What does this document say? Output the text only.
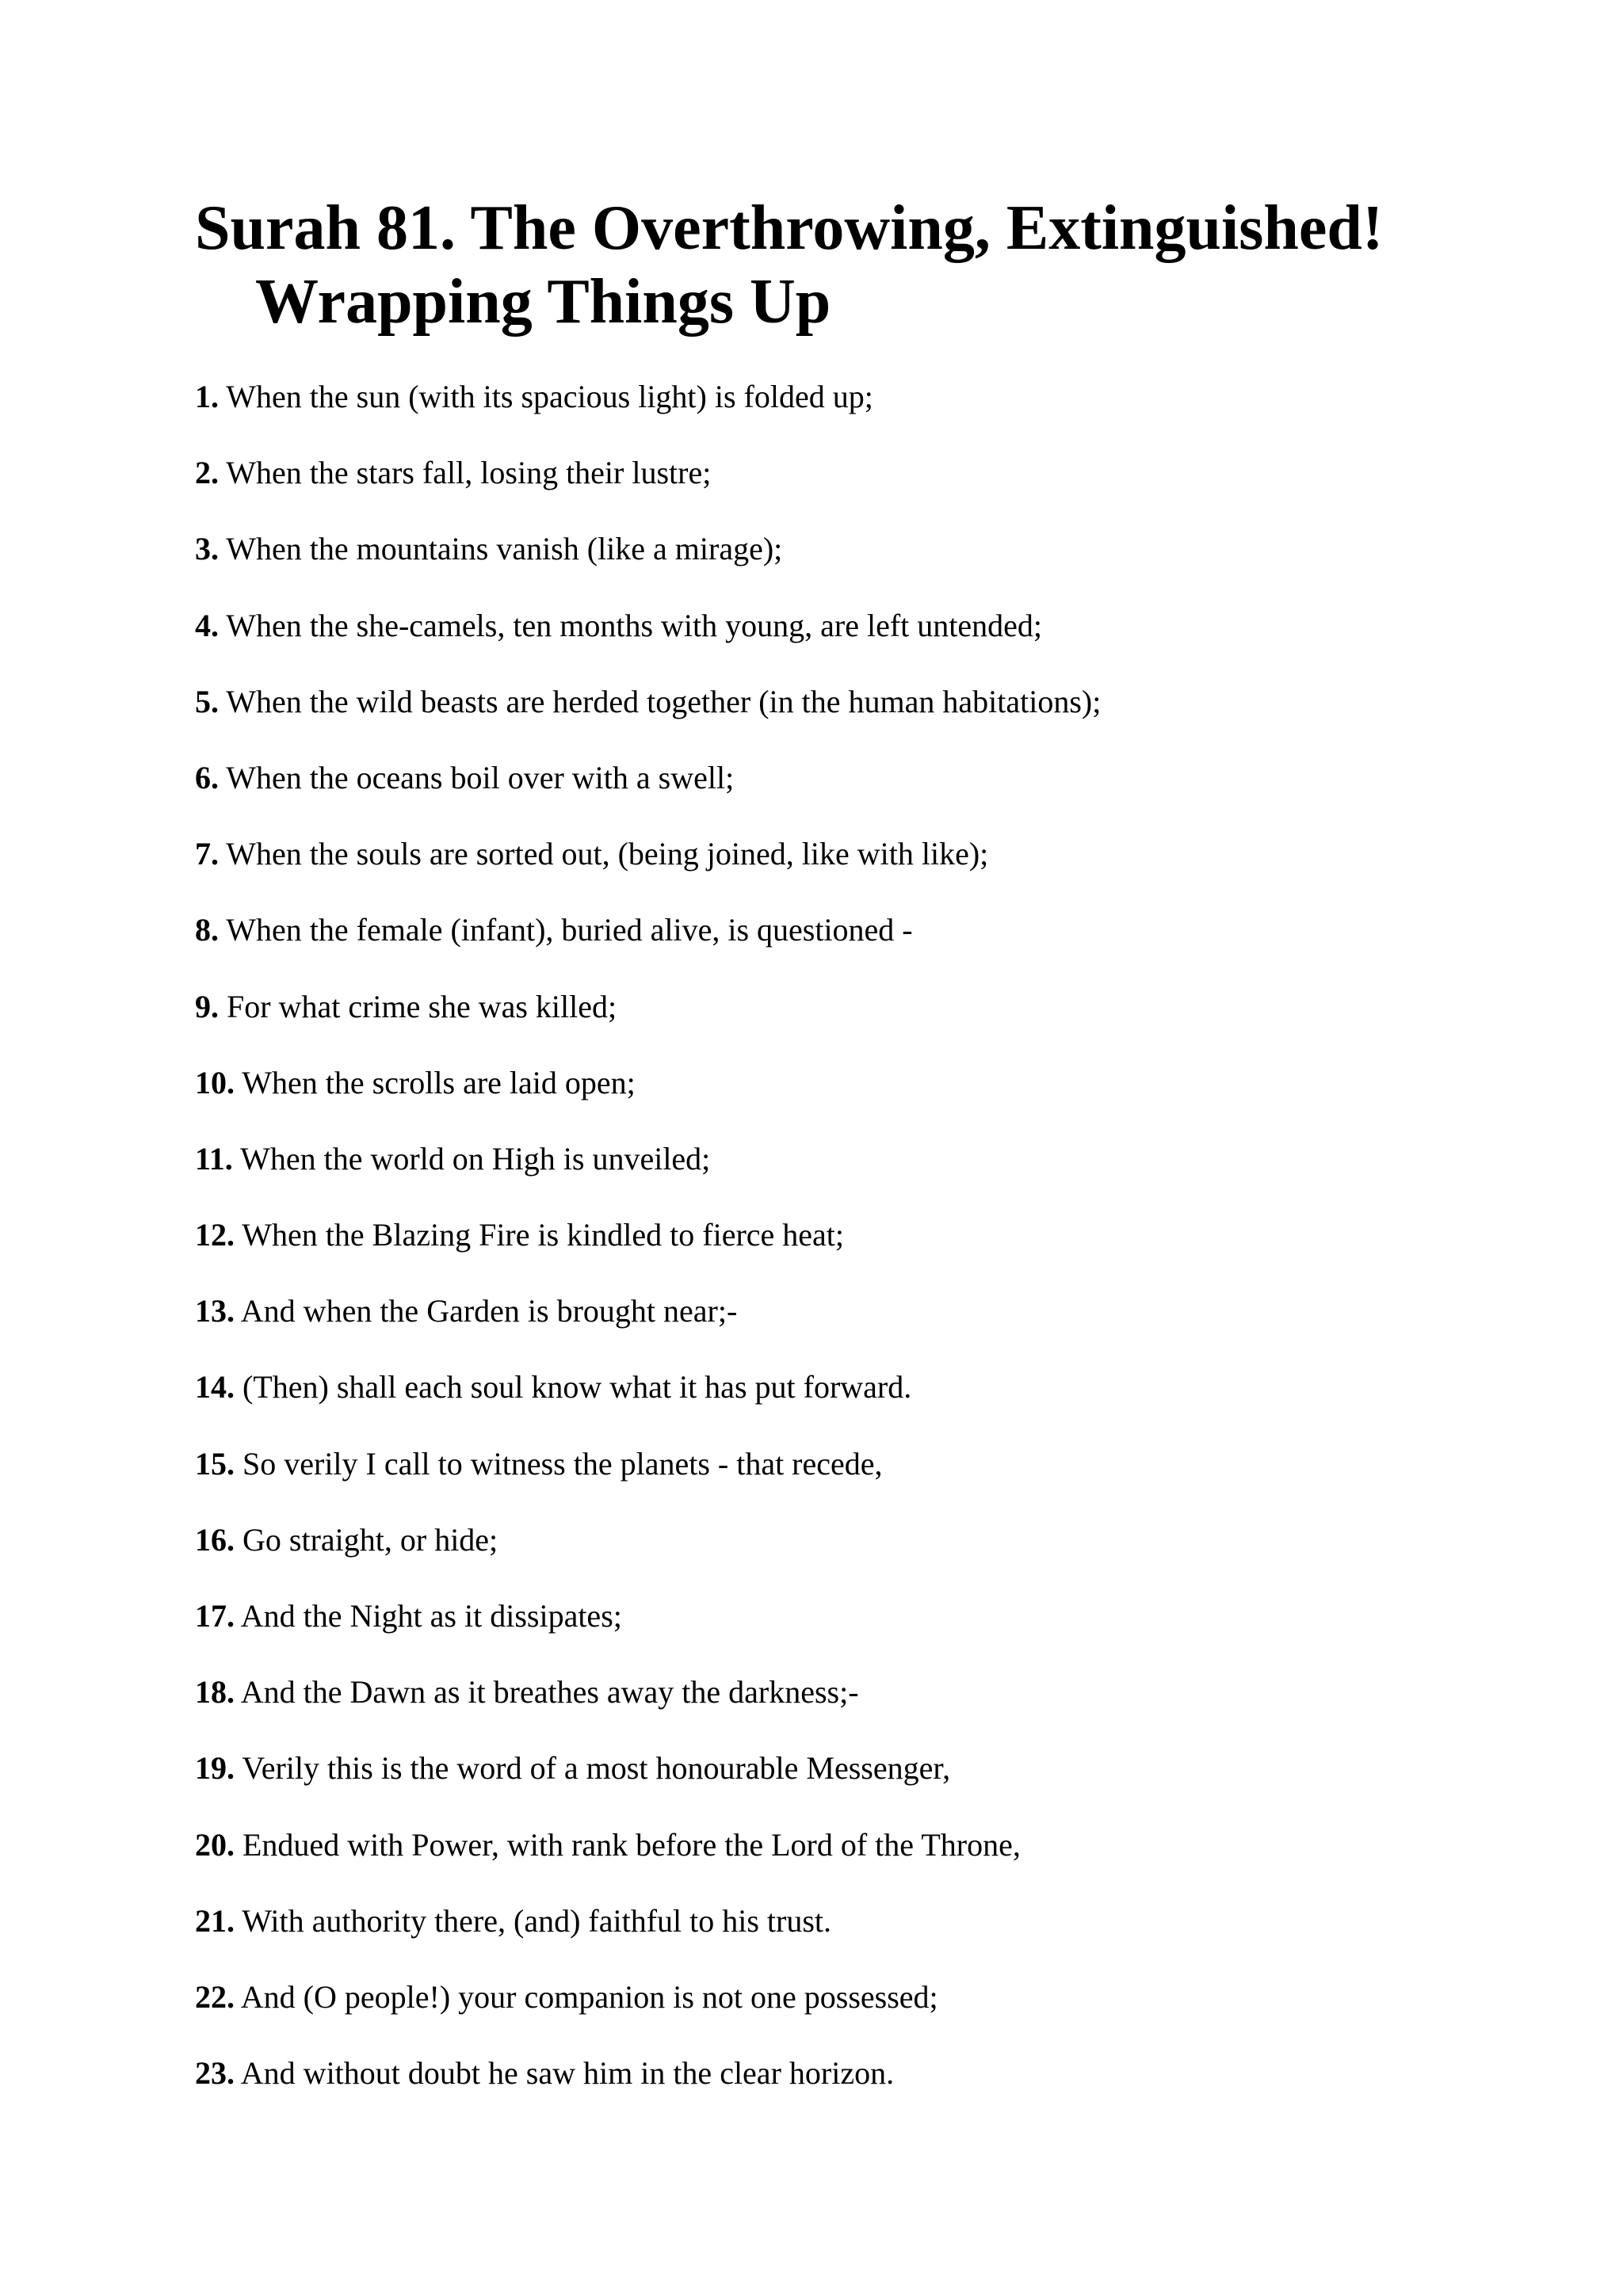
Surah 81. The Overthrowing, Extinguished! Wrapping Things Up
1. When the sun (with its spacious light) is folded up;
2. When the stars fall, losing their lustre;
3. When the mountains vanish (like a mirage);
4. When the she-camels, ten months with young, are left untended;
5. When the wild beasts are herded together (in the human habitations);
6. When the oceans boil over with a swell;
7. When the souls are sorted out, (being joined, like with like);
8. When the female (infant), buried alive, is questioned -
9. For what crime she was killed;
10. When the scrolls are laid open;
11. When the world on High is unveiled;
12. When the Blazing Fire is kindled to fierce heat;
13. And when the Garden is brought near;-
14. (Then) shall each soul know what it has put forward.
15. So verily I call to witness the planets - that recede,
16. Go straight, or hide;
17. And the Night as it dissipates;
18. And the Dawn as it breathes away the darkness;-
19. Verily this is the word of a most honourable Messenger,
20. Endued with Power, with rank before the Lord of the Throne,
21. With authority there, (and) faithful to his trust.
22. And (O people!) your companion is not one possessed;
23. And without doubt he saw him in the clear horizon.
